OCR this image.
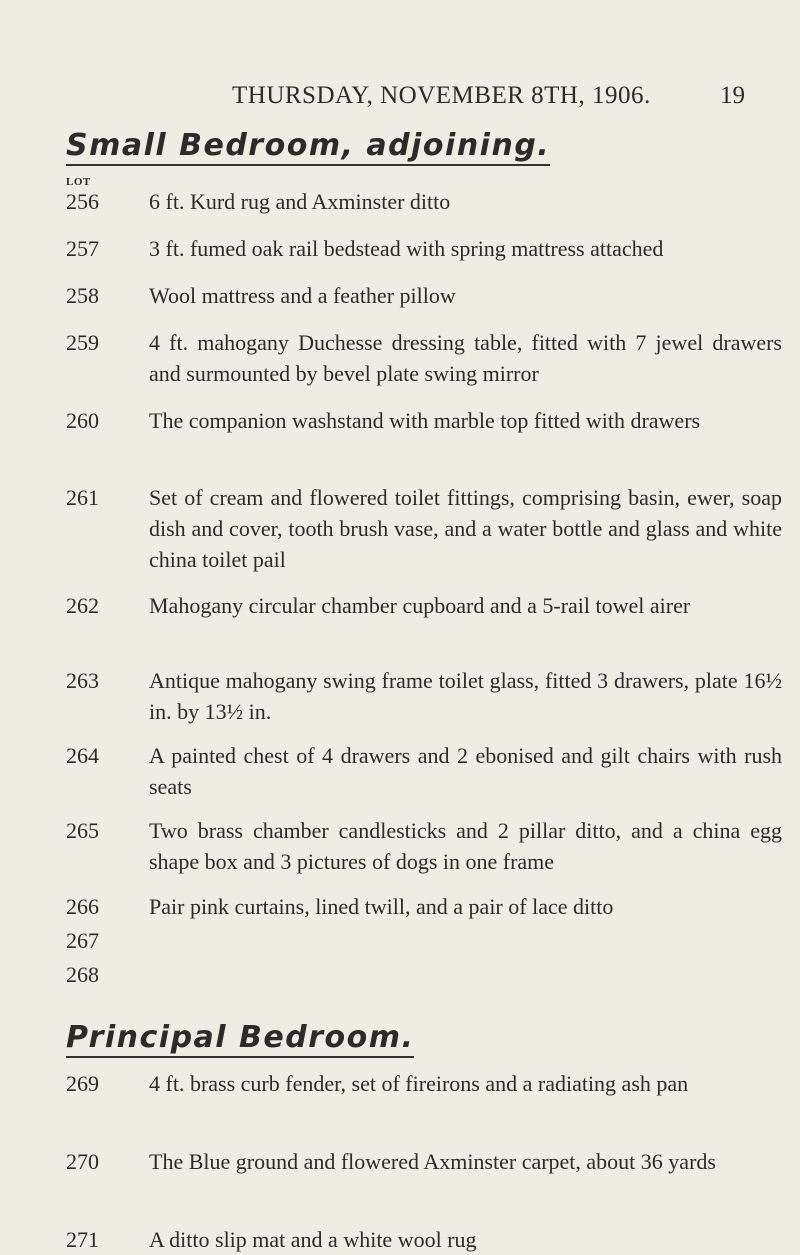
THURSDAY, NOVEMBER 8TH, 1906.	19
Small Bedroom, adjoining.
LOT
256	6 ft. Kurd rug and Axminster ditto
257	3 ft. fumed oak rail bedstead with spring mattress attached
258	Wool mattress and a feather pillow
259	4 ft. mahogany Duchesse dressing table, fitted with 7 jewel drawers and surmounted by bevel plate swing mirror
260	The companion washstand with marble top fitted with drawers
261	Set of cream and flowered toilet fittings, comprising basin, ewer, soap dish and cover, tooth brush vase, and a water bottle and glass and white china toilet pail
262	Mahogany circular chamber cupboard and a 5-rail towel airer
263	Antique mahogany swing frame toilet glass, fitted 3 drawers, plate 16½ in. by 13½ in.
264	A painted chest of 4 drawers and 2 ebonised and gilt chairs with rush seats
265	Two brass chamber candlesticks and 2 pillar ditto, and a china egg shape box and 3 pictures of dogs in one frame
266	Pair pink curtains, lined twill, and a pair of lace ditto
267
268
Principal Bedroom.
269	4 ft. brass curb fender, set of fireirons and a radiating ash pan
270	The Blue ground and flowered Axminster carpet, about 36 yards
271	A ditto slip mat and a white wool rug
